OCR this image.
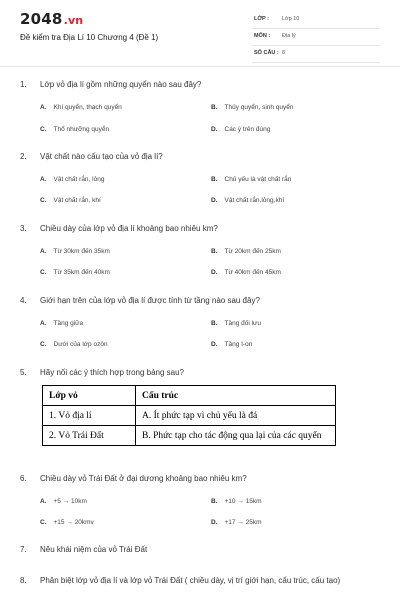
2048.vn
Đề kiểm tra Địa Lí 10 Chương 4 (Đề 1)
LỚP : Lớp 10
MÔN : Địa lý
SỐ CÂU : 8
1. Lớp vỏ địa lí gồm những quyển nào sau đây?
A. Khí quyển, thạch quyển	B. Thủy quyển, sinh quyển
C. Thổ nhưỡng quyển	D. Các ý trên đúng
2. Vật chất nào cấu tạo của vỏ địa lí?
A. Vật chất rắn, lỏng	B. Chủ yếu là vật chất rắn
C. Vật chất rắn, khí	D. Vật chất rắn,lỏng,khí
3. Chiều dày của lớp vỏ địa lí khoảng bao nhiêu km?
A. Từ 30km đến 35km	B. Từ 20km đến 25km
C. Từ 35km đến 40km	D. Từ 40km đến 45km
4. Giới hạn trên của lớp vỏ địa lí được tính từ tầng nào sau đây?
A. Tầng giữa	B. Tầng đối lưu
C. Dưới của lớp ozôn	D. Tầng I-on
5. Hãy nối các ý thích hợp trong bảng sau?
Lớp vỏ	Cấu trúc
1. Vỏ địa lí	A. Ít phức tạp vì chủ yếu là đá
2. Vỏ Trái Đất	B. Phức tạp cho tác động qua lại của các quyển
6. Chiều dày vỏ Trái Đất ở đại dương khoảng bao nhiêu km?
A. +5 → 10km	B. +10 → 15km
C. +15 → 20kmv	D. +17 → 25km
7. Nêu khái niệm của vỏ Trái Đất
8. Phân biệt lớp vỏ địa lí và lớp vỏ Trái Đất ( chiều dày, vị trí giới hạn, cấu trúc, cấu tạo)
